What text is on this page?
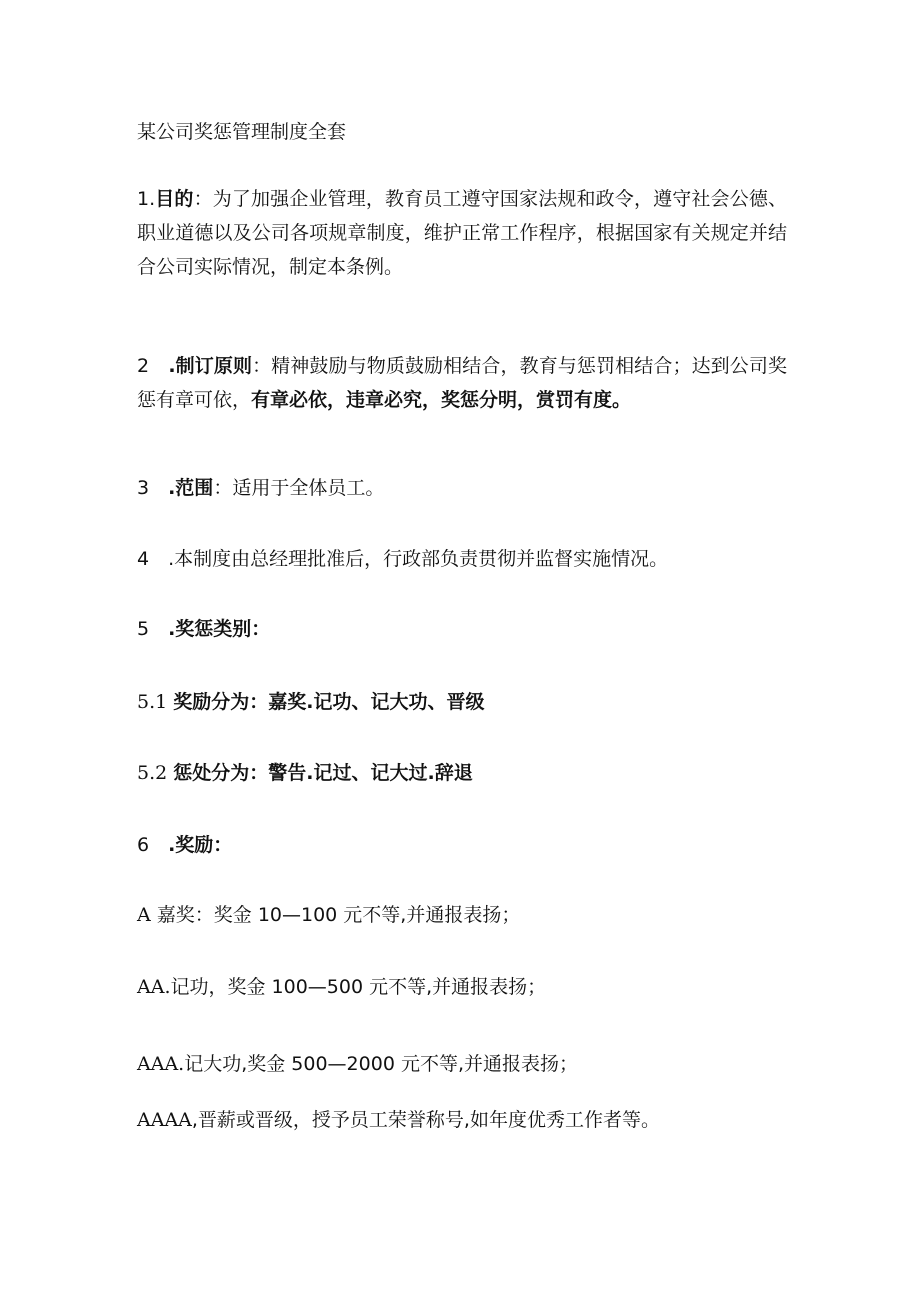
某公司奖惩管理制度全套
1.目的：为了加强企业管理，教育员工遵守国家法规和政令，遵守社会公德、职业道德以及公司各项规章制度，维护正常工作程序，根据国家有关规定并结合公司实际情况，制定本条例。
2　.制订原则：精神鼓励与物质鼓励相结合，教育与惩罚相结合；达到公司奖惩有章可依，有章必依，违章必究，奖惩分明，赏罚有度。
3　.范围：适用于全体员工。
4　.本制度由总经理批准后，行政部负责贯彻并监督实施情况。
5　.奖惩类别：
5.1 奖励分为：嘉奖.记功、记大功、晋级
5.2 惩处分为：警告.记过、记大过.辞退
6　.奖励：
A 嘉奖：奖金 10—100 元不等,并通报表扬；
AA.记功，奖金 100—500 元不等,并通报表扬；
AAA.记大功,奖金 500—2000 元不等,并通报表扬；
AAAA,晋薪或晋级，授予员工荣誉称号,如年度优秀工作者等。
